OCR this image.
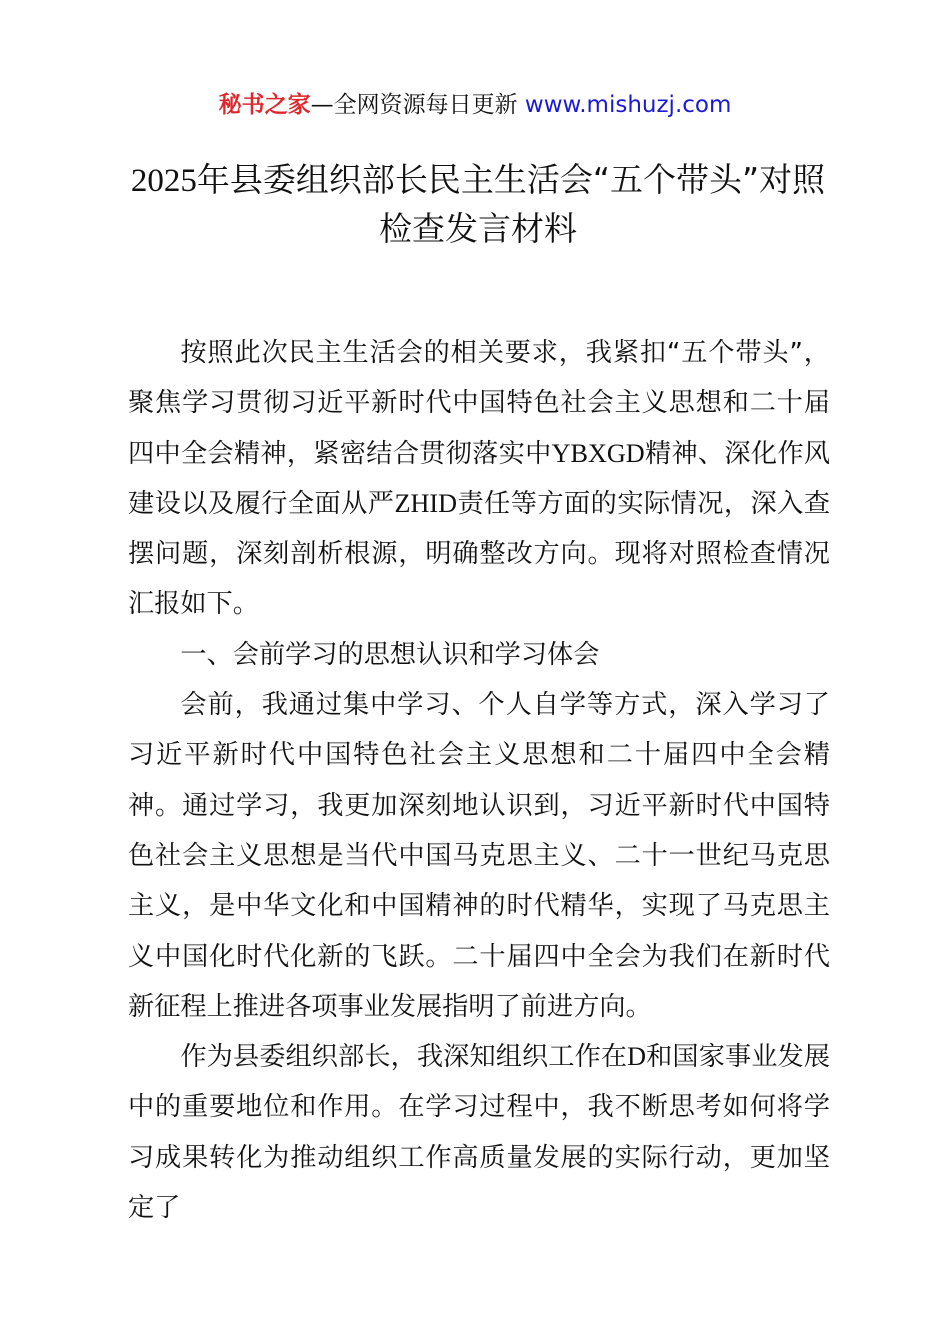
秘书之家—全网资源每日更新 www.mishuzj.com
2025年县委组织部长民主生活会“五个带头”对照检查发言材料

按照此次民主生活会的相关要求，我紧扣“五个带头”，聚焦学习贯彻习近平新时代中国特色社会主义思想和二十届四中全会精神，紧密结合贯彻落实中YBXGD精神、深化作风建设以及履行全面从严ZHID责任等方面的实际情况，深入查摆问题，深刻剖析根源，明确整改方向。现将对照检查情况汇报如下。

一、会前学习的思想认识和学习体会

会前，我通过集中学习、个人自学等方式，深入学习了习近平新时代中国特色社会主义思想和二十届四中全会精神。通过学习，我更加深刻地认识到，习近平新时代中国特色社会主义思想是当代中国马克思主义、二十一世纪马克思主义，是中华文化和中国精神的时代精华，实现了马克思主义中国化时代化新的飞跃。二十届四中全会为我们在新时代新征程上推进各项事业发展指明了前进方向。

作为县委组织部长，我深知组织工作在D和国家事业发展中的重要地位和作用。在学习过程中，我不断思考如何将学习成果转化为推动组织工作高质量发展的实际行动，更加坚定了
